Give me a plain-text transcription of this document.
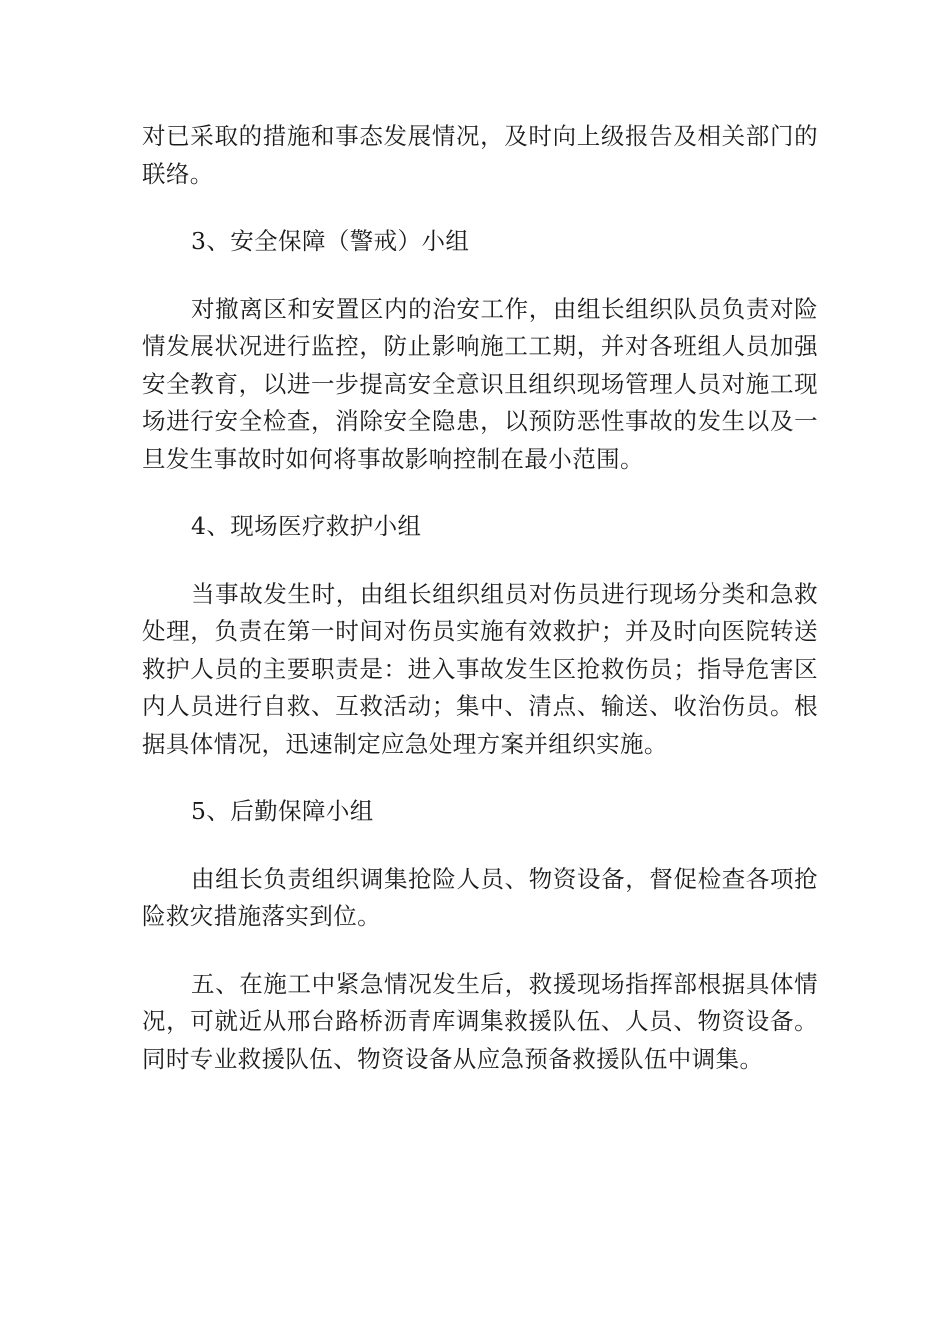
对已采取的措施和事态发展情况，及时向上级报告及相关部门的联络。

3、安全保障（警戒）小组

对撤离区和安置区内的治安工作，由组长组织队员负责对险情发展状况进行监控，防止影响施工工期，并对各班组人员加强安全教育，以进一步提高安全意识且组织现场管理人员对施工现场进行安全检查，消除安全隐患，以预防恶性事故的发生以及一旦发生事故时如何将事故影响控制在最小范围。

4、现场医疗救护小组

当事故发生时，由组长组织组员对伤员进行现场分类和急救处理，负责在第一时间对伤员实施有效救护；并及时向医院转送救护人员的主要职责是：进入事故发生区抢救伤员；指导危害区内人员进行自救、互救活动；集中、清点、输送、收治伤员。根据具体情况，迅速制定应急处理方案并组织实施。

5、后勤保障小组

由组长负责组织调集抢险人员、物资设备，督促检查各项抢险救灾措施落实到位。

五、在施工中紧急情况发生后，救援现场指挥部根据具体情况，可就近从邢台路桥沥青库调集救援队伍、人员、物资设备。同时专业救援队伍、物资设备从应急预备救援队伍中调集。
